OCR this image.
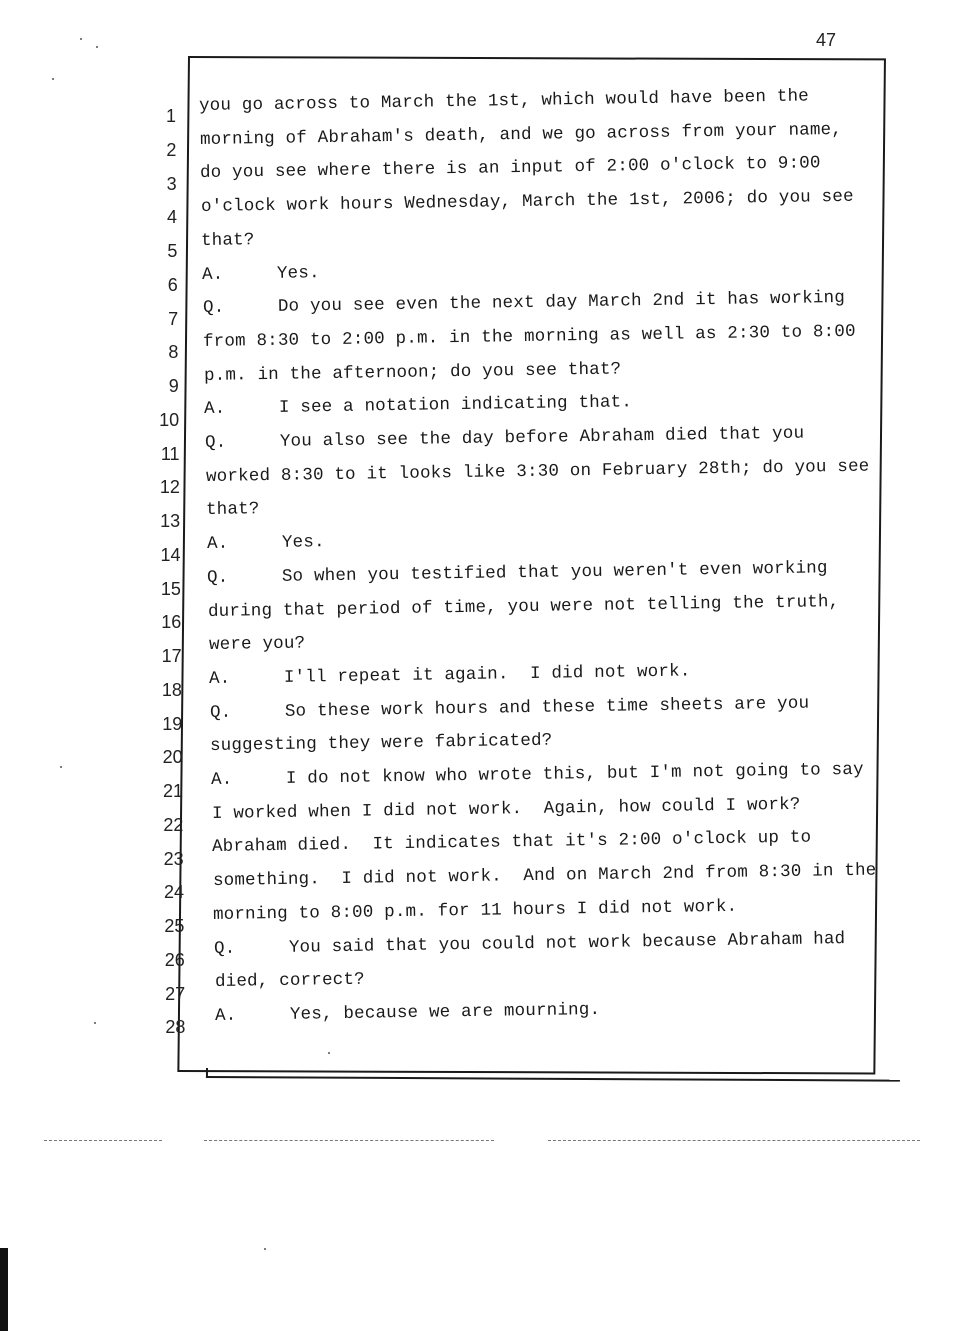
47
1
you go across to March the 1st, which would have been the
2
morning of Abraham's death, and we go across from your name,
3
do you see where there is an input of 2:00 o'clock to 9:00
4
o'clock work hours Wednesday, March the 1st, 2006; do you see
5
that?
6
A.     Yes.
7
Q.     Do you see even the next day March 2nd it has working
8
from 8:30 to 2:00 p.m. in the morning as well as 2:30 to 8:00
9
p.m. in the afternoon; do you see that?
10
A.     I see a notation indicating that.
11
Q.     You also see the day before Abraham died that you
12
worked 8:30 to it looks like 3:30 on February 28th; do you see
13
that?
14
A.     Yes.
15
Q.     So when you testified that you weren't even working
16
during that period of time, you were not telling the truth,
17
were you?
18
A.     I'll repeat it again.  I did not work.
19
Q.     So these work hours and these time sheets are you
20
suggesting they were fabricated?
21
A.     I do not know who wrote this, but I'm not going to say
22
I worked when I did not work.  Again, how could I work?
23
Abraham died.  It indicates that it's 2:00 o'clock up to
24
something.  I did not work.  And on March 2nd from 8:30 in the
25
morning to 8:00 p.m. for 11 hours I did not work.
26
Q.     You said that you could not work because Abraham had
27
died, correct?
28
A.     Yes, because we are mourning.
